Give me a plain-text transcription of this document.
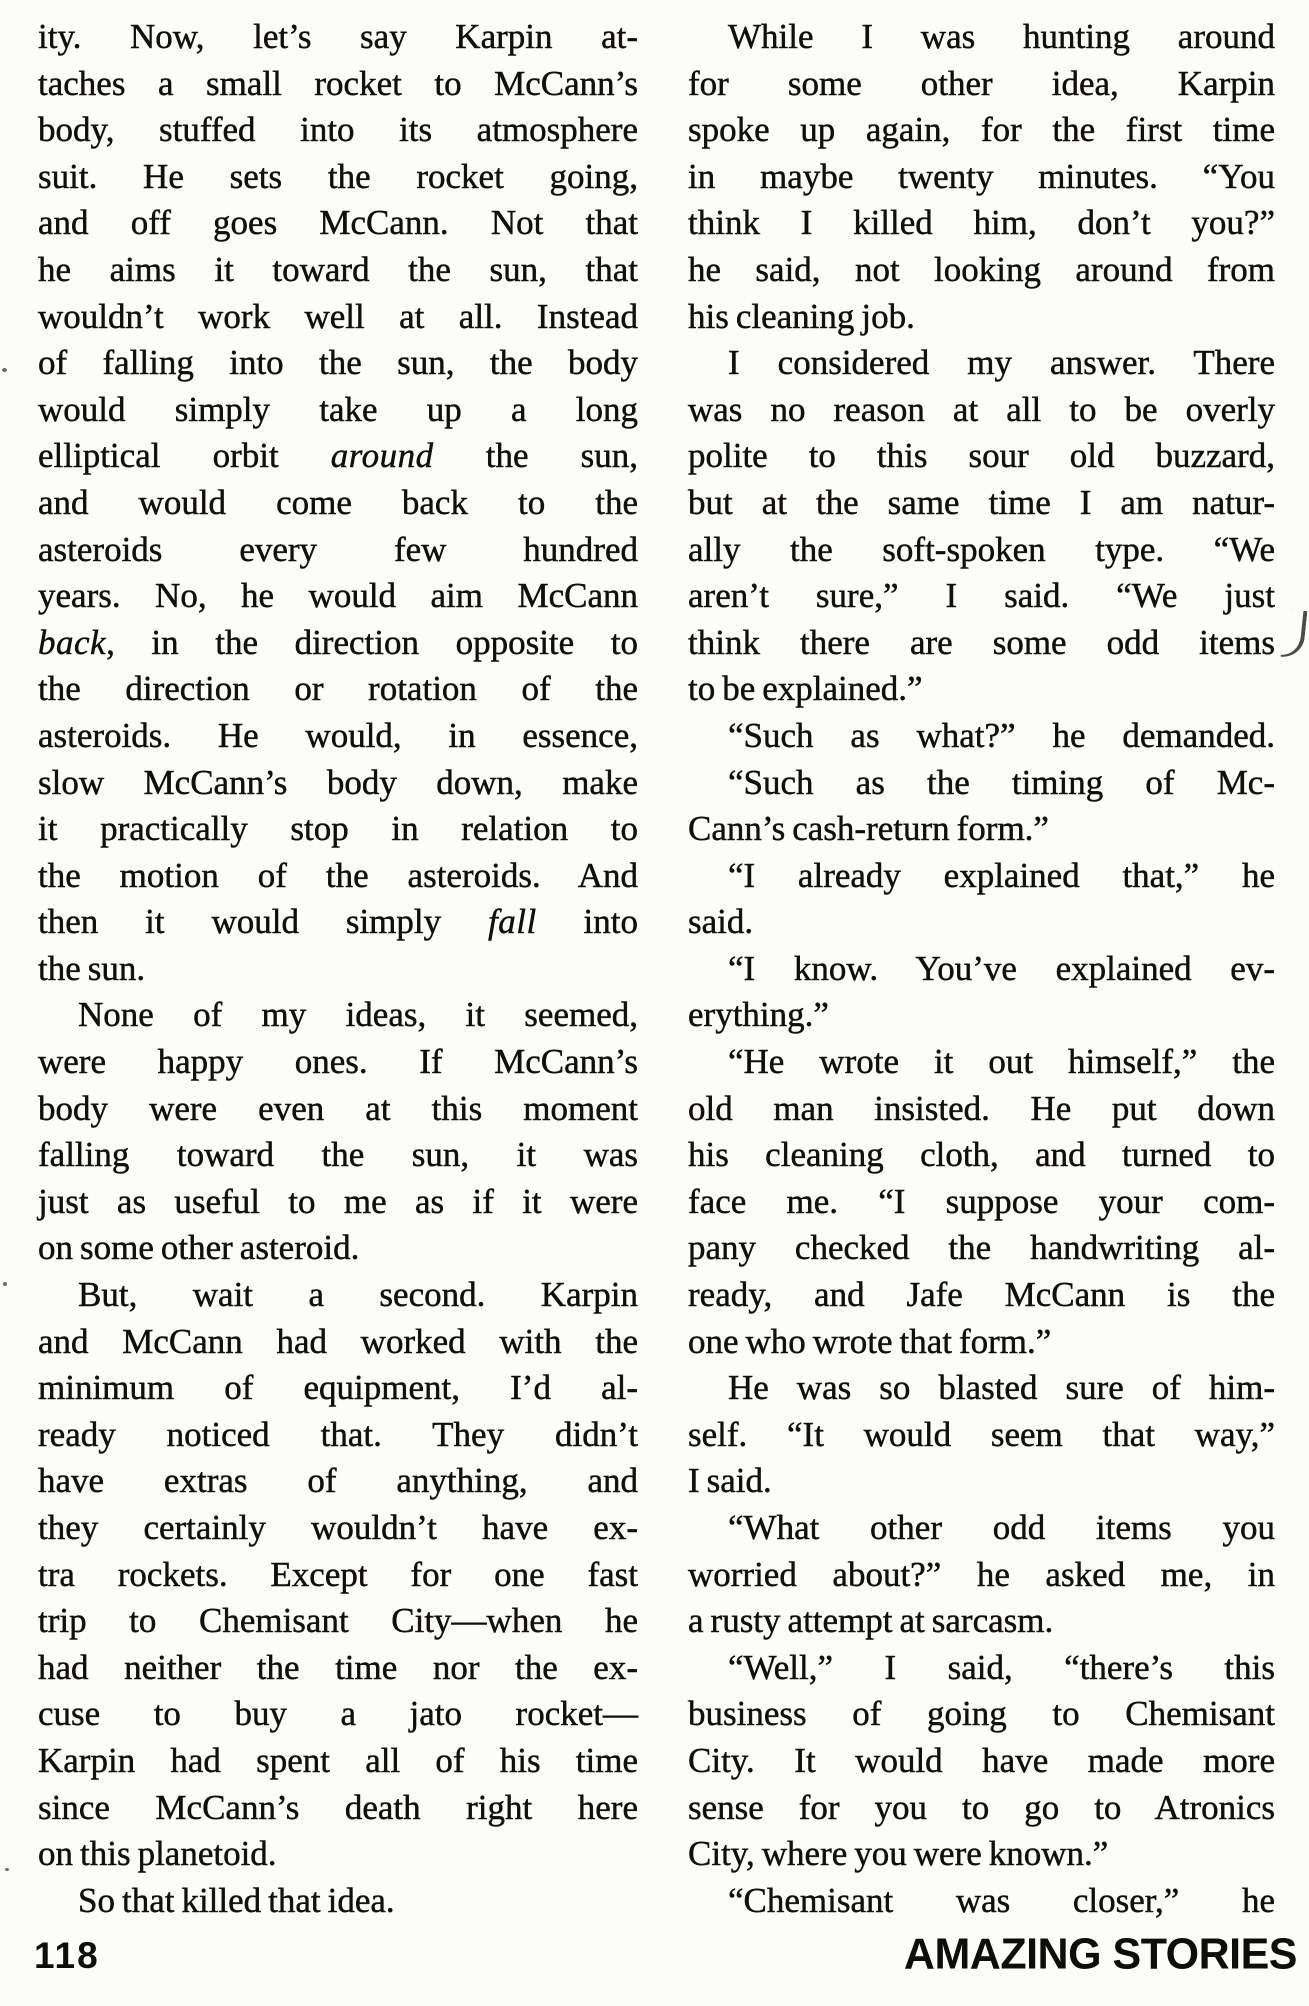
ity. Now, let’s say Karpin at-
taches a small rocket to McCann’s
body, stuffed into its atmosphere
suit. He sets the rocket going,
and off goes McCann. Not that
he aims it toward the sun, that
wouldn’t work well at all. Instead
of falling into the sun, the body
would simply take up a long
elliptical orbit around the sun,
and would come back to the
asteroids every few hundred
years. No, he would aim McCann
back, in the direction opposite to
the direction or rotation of the
asteroids. He would, in essence,
slow McCann’s body down, make
it practically stop in relation to
the motion of the asteroids. And
then it would simply fall into
the sun.
None of my ideas, it seemed,
were happy ones. If McCann’s
body were even at this moment
falling toward the sun, it was
just as useful to me as if it were
on some other asteroid.
But, wait a second. Karpin
and McCann had worked with the
minimum of equipment, I’d al-
ready noticed that. They didn’t
have extras of anything, and
they certainly wouldn’t have ex-
tra rockets. Except for one fast
trip to Chemisant City—when he
had neither the time nor the ex-
cuse to buy a jato rocket—
Karpin had spent all of his time
since McCann’s death right here
on this planetoid.
So that killed that idea.
While I was hunting around
for some other idea, Karpin
spoke up again, for the first time
in maybe twenty minutes. “You
think I killed him, don’t you?”
he said, not looking around from
his cleaning job.
I considered my answer. There
was no reason at all to be overly
polite to this sour old buzzard,
but at the same time I am natur-
ally the soft-spoken type. “We
aren’t sure,” I said. “We just
think there are some odd items
to be explained.”
“Such as what?” he demanded.
“Such as the timing of Mc-
Cann’s cash-return form.”
“I already explained that,” he
said.
“I know. You’ve explained ev-
erything.”
“He wrote it out himself,” the
old man insisted. He put down
his cleaning cloth, and turned to
face me. “I suppose your com-
pany checked the handwriting al-
ready, and Jafe McCann is the
one who wrote that form.”
He was so blasted sure of him-
self. “It would seem that way,”
I said.
“What other odd items you
worried about?” he asked me, in
a rusty attempt at sarcasm.
“Well,” I said, “there’s this
business of going to Chemisant
City. It would have made more
sense for you to go to Atronics
City, where you were known.”
“Chemisant was closer,” he
118	AMAZING STORIES
